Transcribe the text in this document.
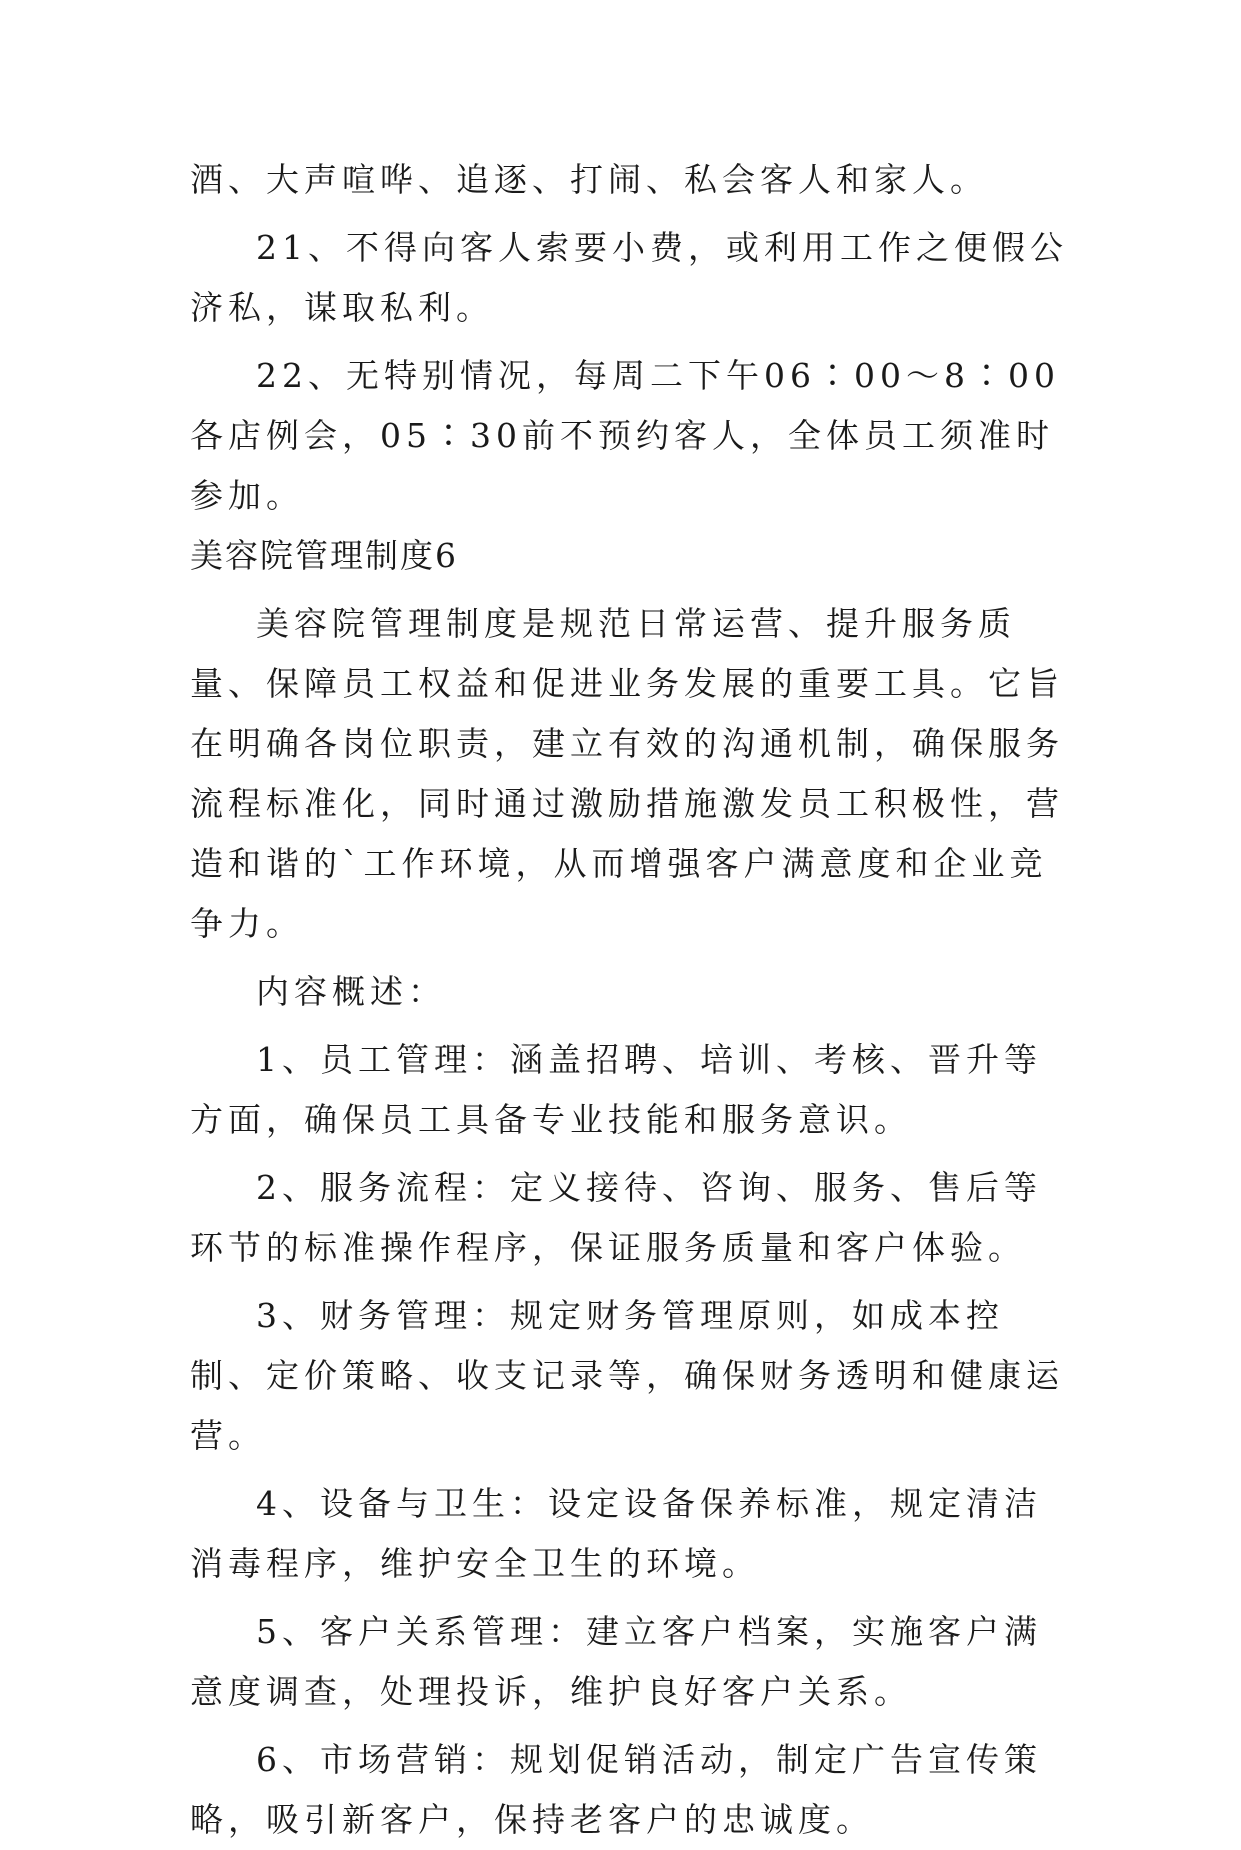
酒、大声喧哗、追逐、打闹、私会客人和家人。

21、不得向客人索要小费，或利用工作之便假公济私，谋取私利。

22、无特别情况，每周二下午06∶00～8∶00各店例会，05∶30前不预约客人，全体员工须准时参加。

美容院管理制度6

美容院管理制度是规范日常运营、提升服务质量、保障员工权益和促进业务发展的重要工具。它旨在明确各岗位职责，建立有效的沟通机制，确保服务流程标准化，同时通过激励措施激发员工积极性，营造和谐的`工作环境，从而增强客户满意度和企业竞争力。

内容概述：

1、员工管理：涵盖招聘、培训、考核、晋升等方面，确保员工具备专业技能和服务意识。

2、服务流程：定义接待、咨询、服务、售后等环节的标准操作程序，保证服务质量和客户体验。

3、财务管理：规定财务管理原则，如成本控制、定价策略、收支记录等，确保财务透明和健康运营。

4、设备与卫生：设定设备保养标准，规定清洁消毒程序，维护安全卫生的环境。

5、客户关系管理：建立客户档案，实施客户满意度调查，处理投诉，维护良好客户关系。

6、市场营销：规划促销活动，制定广告宣传策略，吸引新客户，保持老客户的忠诚度。
